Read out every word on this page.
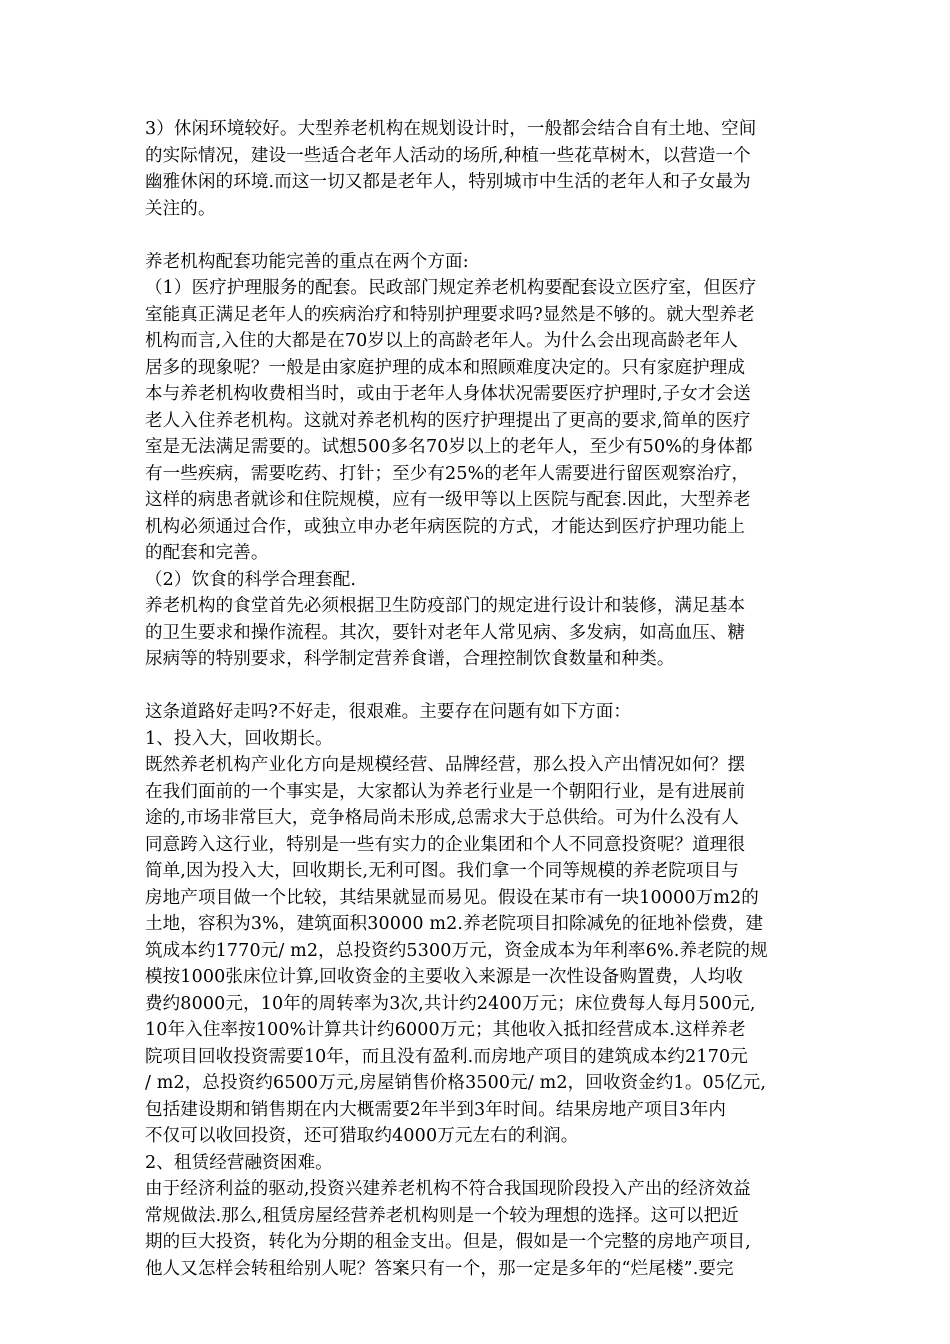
3）休闲环境较好。大型养老机构在规划设计时，一般都会结合自有土地、空间
的实际情况，建设一些适合老年人活动的场所,种植一些花草树木，以营造一个
幽雅休闲的环境.而这一切又都是老年人，特别城市中生活的老年人和子女最为
关注的。
养老机构配套功能完善的重点在两个方面:
（1）医疗护理服务的配套。民政部门规定养老机构要配套设立医疗室，但医疗
室能真正满足老年人的疾病治疗和特别护理要求吗?显然是不够的。就大型养老
机构而言,入住的大都是在70岁以上的高龄老年人。为什么会出现高龄老年人
居多的现象呢？一般是由家庭护理的成本和照顾难度决定的。只有家庭护理成
本与养老机构收费相当时，或由于老年人身体状况需要医疗护理时,子女才会送
老人入住养老机构。这就对养老机构的医疗护理提出了更高的要求,简单的医疗
室是无法满足需要的。试想500多名70岁以上的老年人，至少有50%的身体都
有一些疾病，需要吃药、打针；至少有25%的老年人需要进行留医观察治疗，
这样的病患者就诊和住院规模，应有一级甲等以上医院与配套.因此，大型养老
机构必须通过合作，或独立申办老年病医院的方式，才能达到医疗护理功能上
的配套和完善。
（2）饮食的科学合理套配.
养老机构的食堂首先必须根据卫生防疫部门的规定进行设计和装修，满足基本
的卫生要求和操作流程。其次，要针对老年人常见病、多发病，如高血压、糖
尿病等的特别要求，科学制定营养食谱，合理控制饮食数量和种类。
这条道路好走吗?不好走，很艰难。主要存在问题有如下方面：
1、投入大，回收期长。
既然养老机构产业化方向是规模经营、品牌经营，那么投入产出情况如何？摆
在我们面前的一个事实是，大家都认为养老行业是一个朝阳行业，是有进展前
途的,市场非常巨大，竞争格局尚未形成,总需求大于总供给。可为什么没有人
同意跨入这行业，特别是一些有实力的企业集团和个人不同意投资呢？道理很
简单,因为投入大，回收期长,无利可图。我们拿一个同等规模的养老院项目与
房地产项目做一个比较，其结果就显而易见。假设在某市有一块10000万m2的
土地，容积为3%，建筑面积30000 m2.养老院项目扣除减免的征地补偿费，建
筑成本约1770元/ m2，总投资约5300万元，资金成本为年利率6%.养老院的规
模按1000张床位计算,回收资金的主要收入来源是一次性设备购置费，人均收
费约8000元，10年的周转率为3次,共计约2400万元；床位费每人每月500元,
10年入住率按100%计算共计约6000万元；其他收入抵扣经营成本.这样养老
院项目回收投资需要10年，而且没有盈利.而房地产项目的建筑成本约2170元
/ m2，总投资约6500万元,房屋销售价格3500元/ m2，回收资金约1。05亿元,
包括建设期和销售期在内大概需要2年半到3年时间。结果房地产项目3年内
不仅可以收回投资，还可猎取约4000万元左右的利润。
2、租赁经营融资困难。
由于经济利益的驱动,投资兴建养老机构不符合我国现阶段投入产出的经济效益
常规做法.那么,租赁房屋经营养老机构则是一个较为理想的选择。这可以把近
期的巨大投资，转化为分期的租金支出。但是，假如是一个完整的房地产项目,
他人又怎样会转租给别人呢？答案只有一个，那一定是多年的“烂尾楼”.要完
